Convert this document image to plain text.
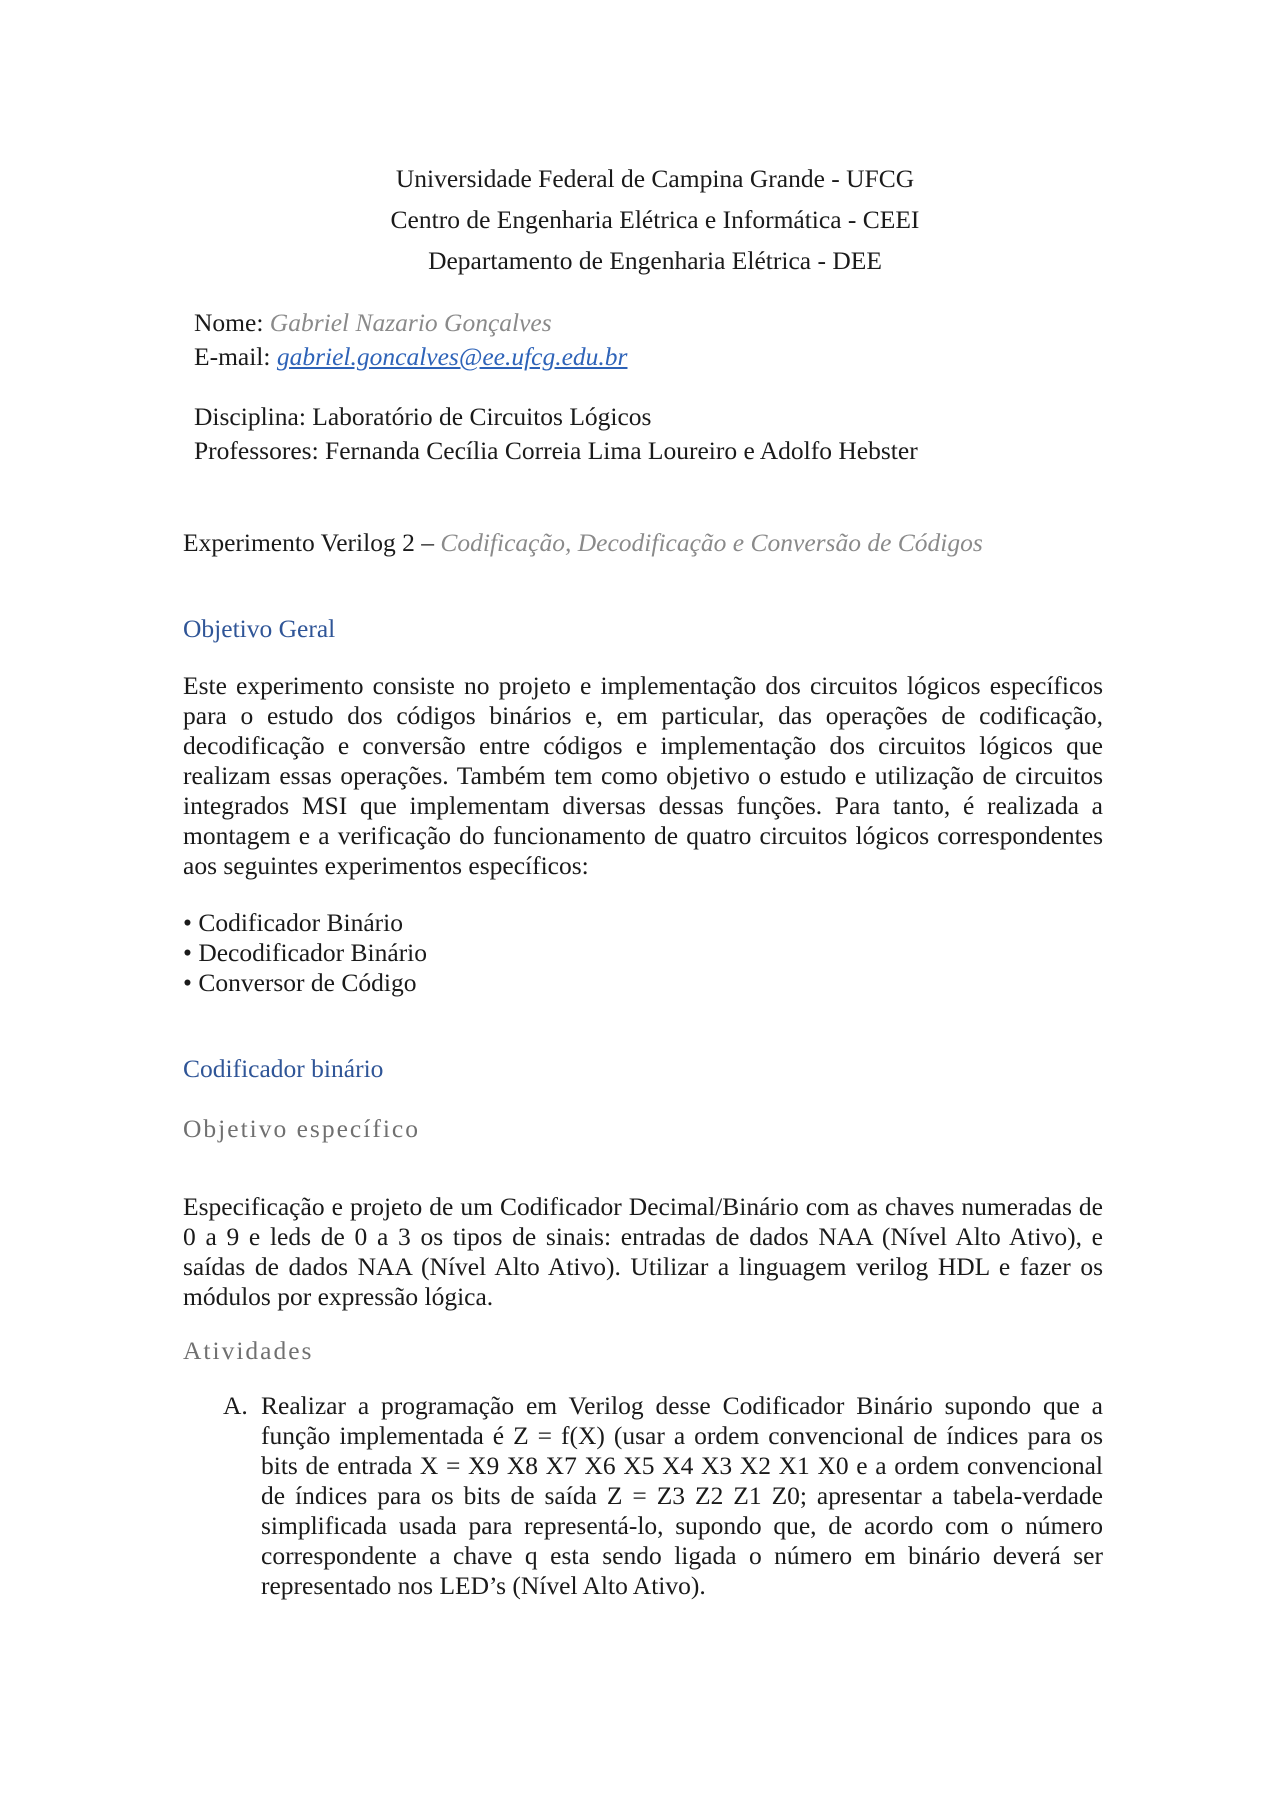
Universidade Federal de Campina Grande - UFCG
Centro de Engenharia Elétrica e Informática - CEEI
Departamento de Engenharia Elétrica - DEE
Nome: Gabriel Nazario Gonçalves
E-mail: gabriel.goncalves@ee.ufcg.edu.br
Disciplina: Laboratório de Circuitos Lógicos
Professores: Fernanda Cecília Correia Lima Loureiro e Adolfo Hebster
Experimento Verilog 2 – Codificação, Decodificação e Conversão de Códigos
Objetivo Geral
Este experimento consiste no projeto e implementação dos circuitos lógicos específicos para o estudo dos códigos binários e, em particular, das operações de codificação, decodificação e conversão entre códigos e implementação dos circuitos lógicos que realizam essas operações. Também tem como objetivo o estudo e utilização de circuitos integrados MSI que implementam diversas dessas funções. Para tanto, é realizada a montagem e a verificação do funcionamento de quatro circuitos lógicos correspondentes aos seguintes experimentos específicos:
• Codificador Binário
• Decodificador Binário
• Conversor de Código
Codificador binário
Objetivo específico
Especificação e projeto de um Codificador Decimal/Binário com as chaves numeradas de 0 a 9 e leds de 0 a 3 os tipos de sinais: entradas de dados NAA (Nível Alto Ativo), e saídas de dados NAA (Nível Alto Ativo). Utilizar a linguagem verilog HDL e fazer os módulos por expressão lógica.
Atividades
A. Realizar a programação em Verilog desse Codificador Binário supondo que a função implementada é Z = f(X) (usar a ordem convencional de índices para os bits de entrada X = X9 X8 X7 X6 X5 X4 X3 X2 X1 X0 e a ordem convencional de índices para os bits de saída Z = Z3 Z2 Z1 Z0; apresentar a tabela-verdade simplificada usada para representá-lo, supondo que, de acordo com o número correspondente a chave q esta sendo ligada o número em binário deverá ser representado nos LED’s (Nível Alto Ativo).
